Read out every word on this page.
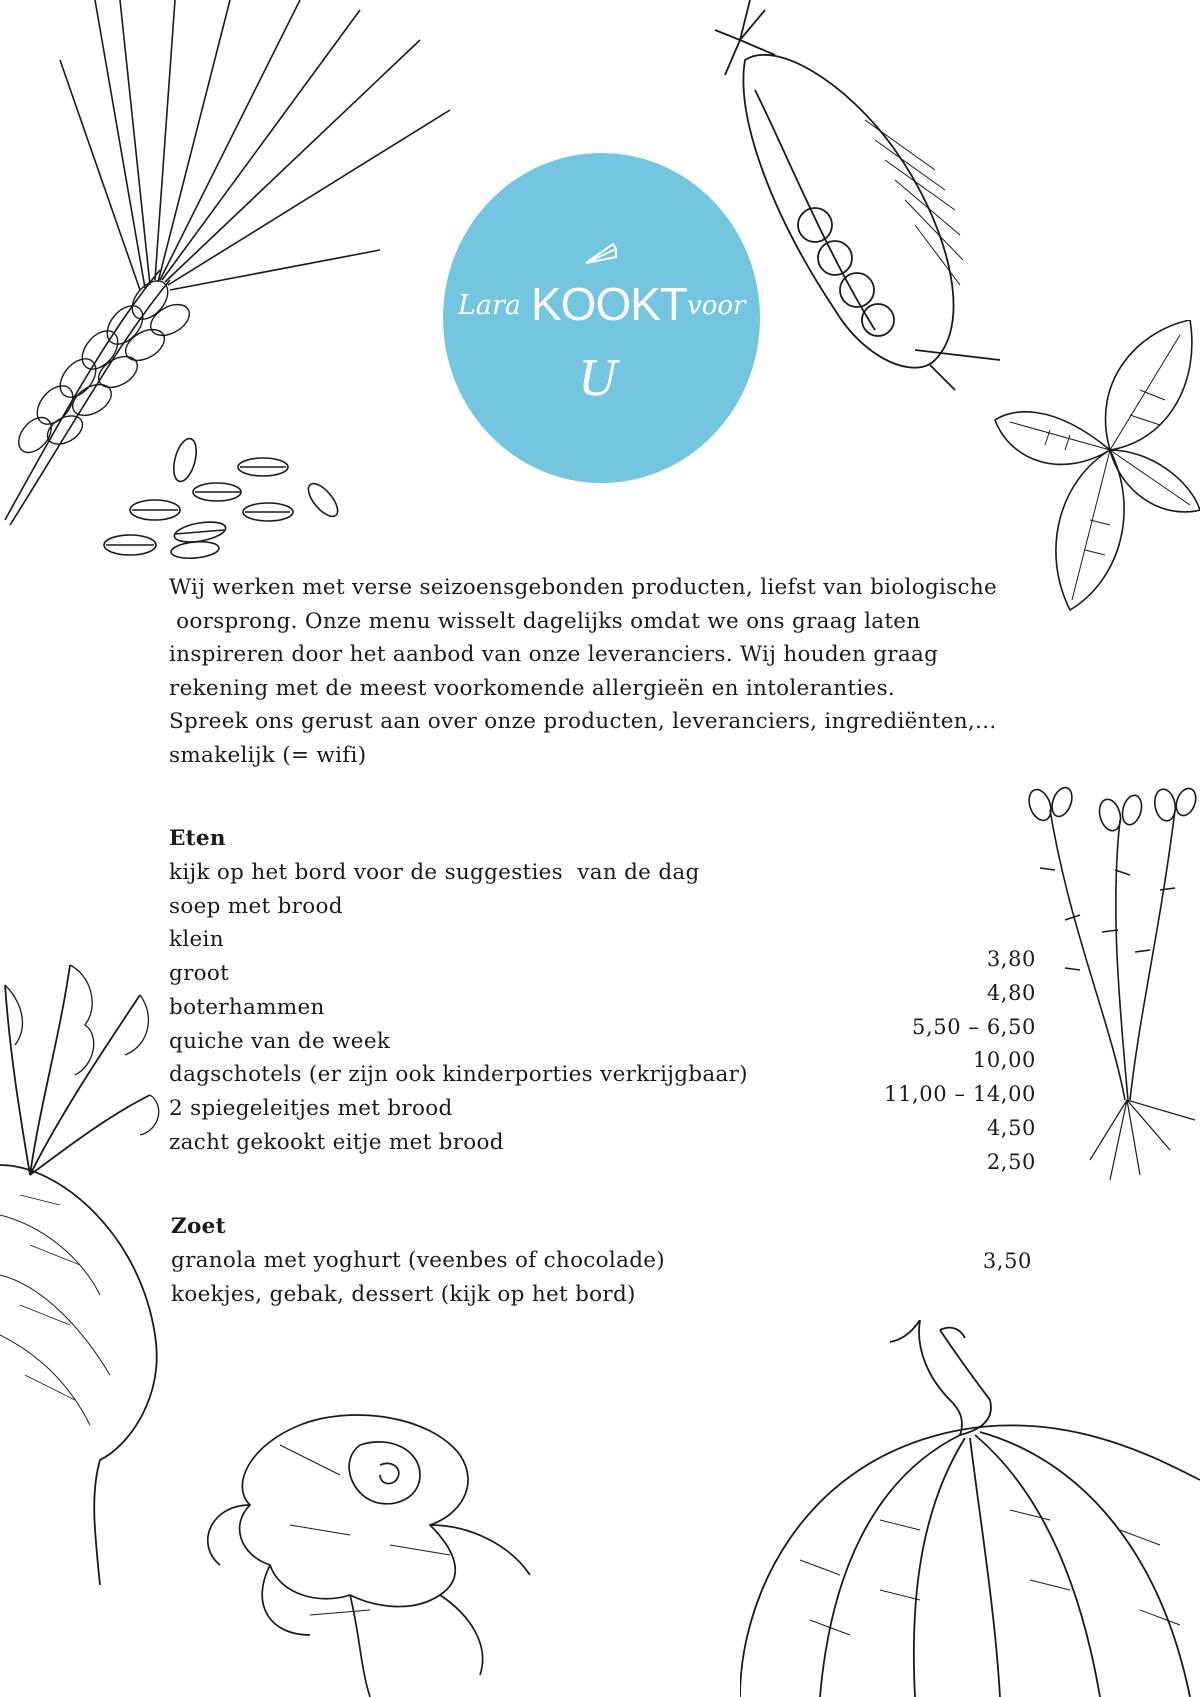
Lara KOOKT voor
U

Wij werken met verse seizoensgebonden producten, liefst van biologische

oorsprong. Onze menu wisselt dagelijks omdat we ons graag laten

inspireren door het aanbod van onze leveranciers. Wij houden graag

rekening met de meest voorkomende allergieën en intoleranties.

Spreek ons gerust aan over onze producten, leveranciers, ingrediënten,...

smakelijk (= wifi)

Eten
kijk op het bord voor de suggesties  van de dag
soep met brood
klein
groot
boterhammen
quiche van de week
dagschotels (er zijn ook kinderporties verkrijgbaar)
2 spiegeleitjes met brood
zacht gekookt eitje met brood
3,80
4,80
5,50 – 6,50
10,00
11,00 – 14,00
4,50
2,50
Zoet
granola met yoghurt (veenbes of chocolade)
koekjes, gebak, dessert (kijk op het bord)
3,50
